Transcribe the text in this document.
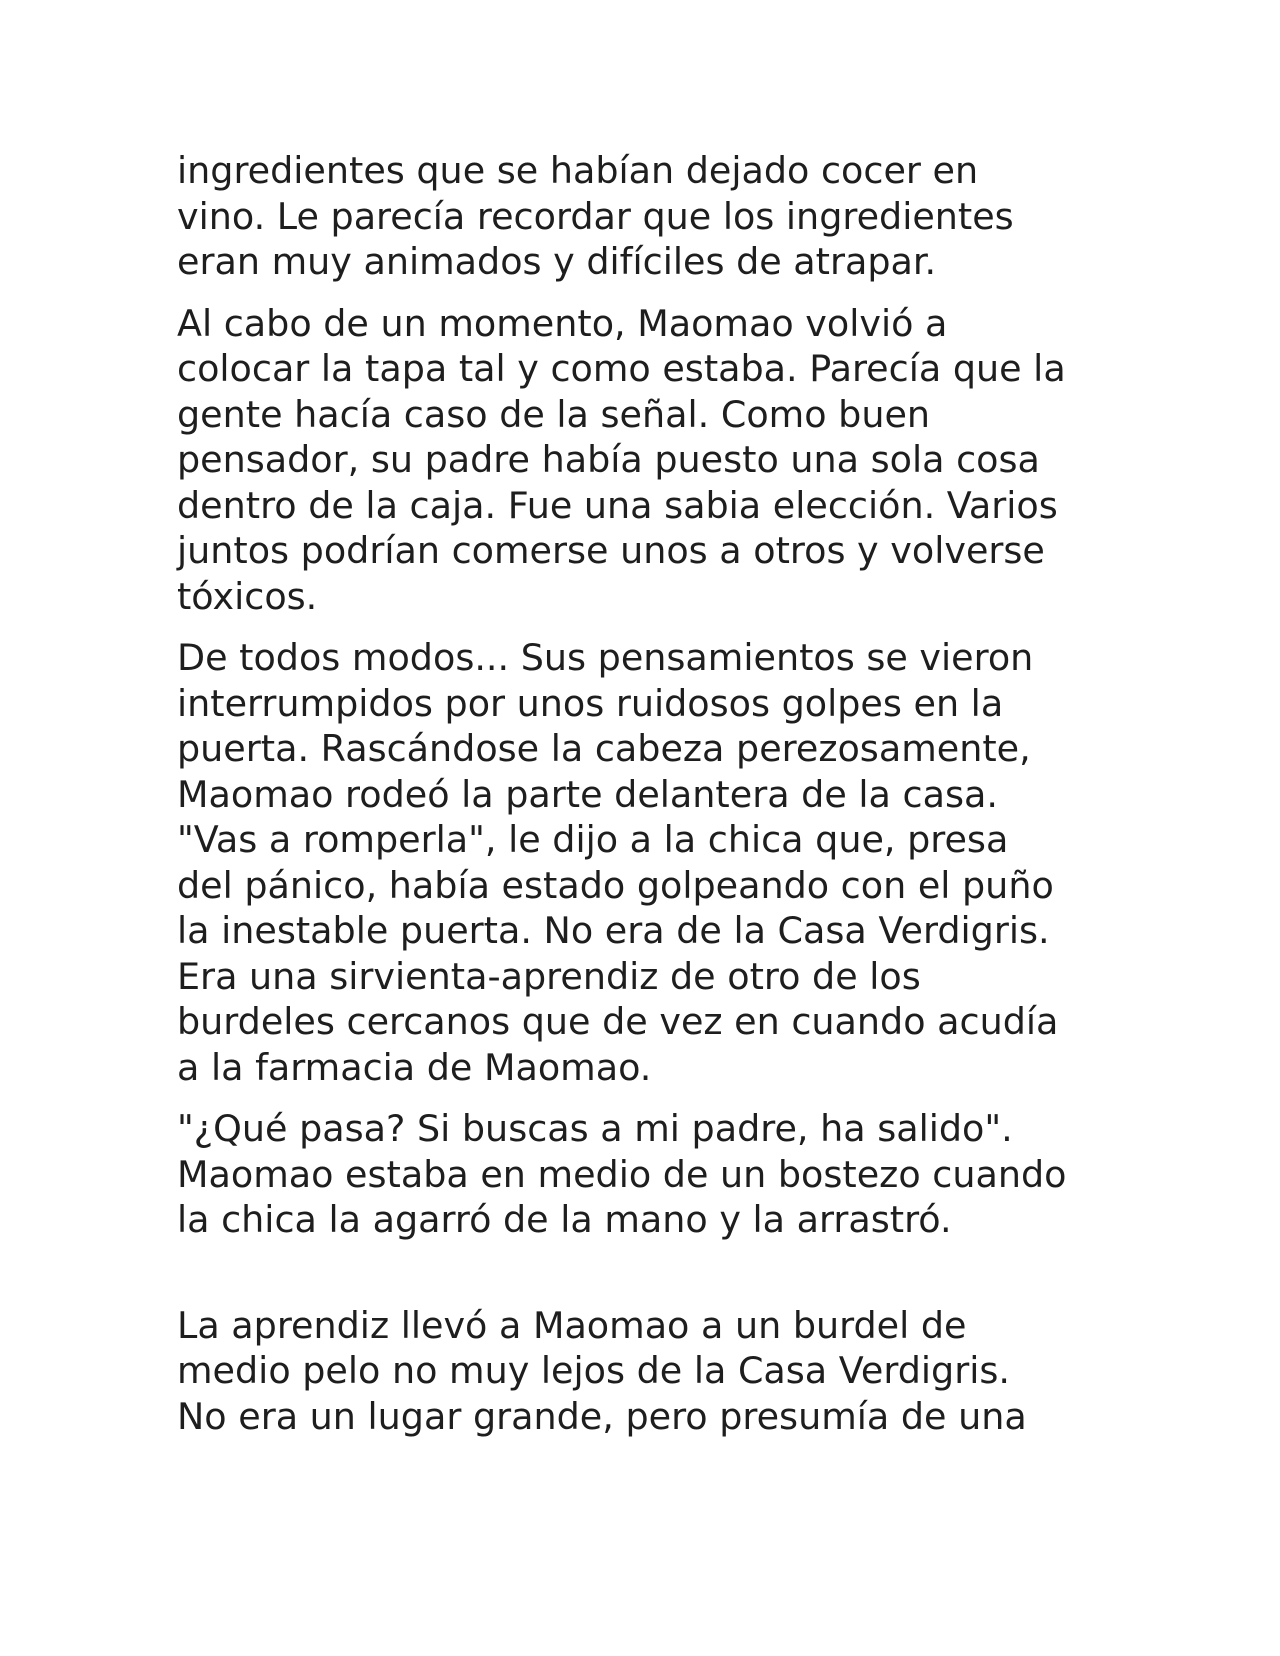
ingredientes que se habían dejado cocer en
vino. Le parecía recordar que los ingredientes
eran muy animados y difíciles de atrapar.

Al cabo de un momento, Maomao volvió a
colocar la tapa tal y como estaba. Parecía que la
gente hacía caso de la señal. Como buen
pensador, su padre había puesto una sola cosa
dentro de la caja. Fue una sabia elección. Varios
juntos podrían comerse unos a otros y volverse
tóxicos.

De todos modos... Sus pensamientos se vieron
interrumpidos por unos ruidosos golpes en la
puerta. Rascándose la cabeza perezosamente,
Maomao rodeó la parte delantera de la casa.
"Vas a romperla", le dijo a la chica que, presa
del pánico, había estado golpeando con el puño
la inestable puerta. No era de la Casa Verdigris.
Era una sirvienta-aprendiz de otro de los
burdeles cercanos que de vez en cuando acudía
a la farmacia de Maomao.

"¿Qué pasa? Si buscas a mi padre, ha salido".
Maomao estaba en medio de un bostezo cuando
la chica la agarró de la mano y la arrastró.

La aprendiz llevó a Maomao a un burdel de
medio pelo no muy lejos de la Casa Verdigris.
No era un lugar grande, pero presumía de una
